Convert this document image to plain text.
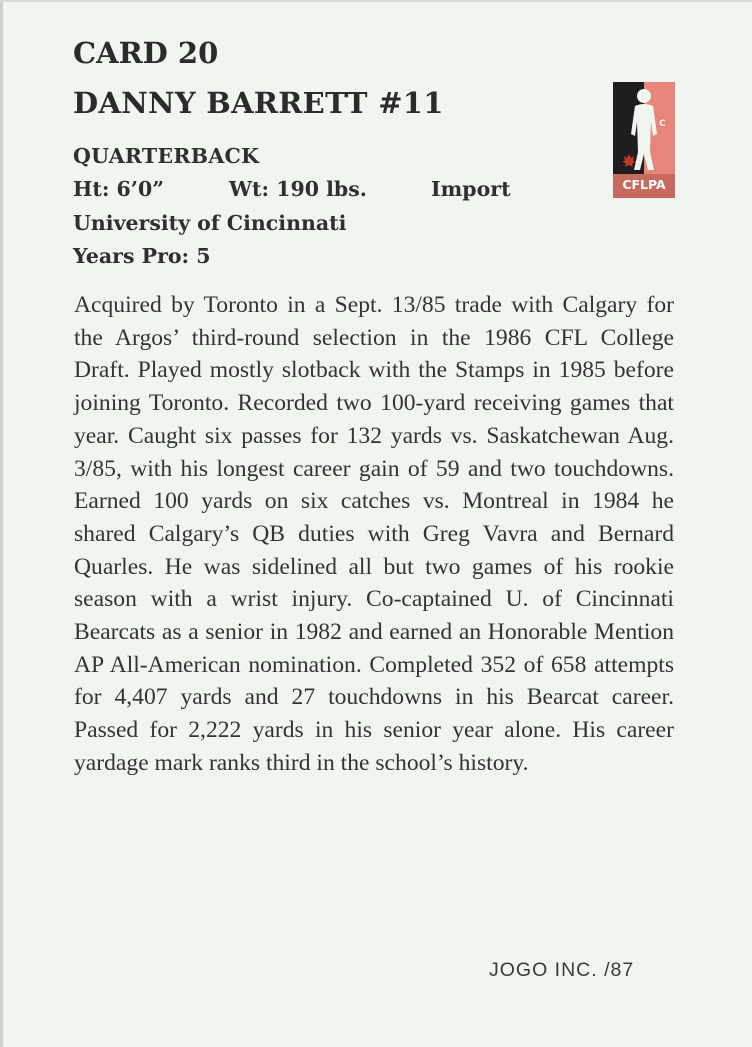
CARD 20
DANNY BARRETT #11
QUARTERBACK
Ht: 6’0”	Wt: 190 lbs.	Import
University of Cincinnati
Years Pro: 5
C
CFLPA

Acquired by Toronto in a Sept. 13/85 trade with Calgary for the Argos’ third-round selection in the 1986 CFL College Draft. Played mostly slotback with the Stamps in 1985 before joining Toronto. Recorded two 100-yard receiving games that year. Caught six passes for 132 yards vs. Saskatchewan Aug. 3/85, with his longest career gain of 59 and two touchdowns. Earned 100 yards on six catches vs. Montreal in 1984 he shared Calgary’s QB duties with Greg Vavra and Bernard Quarles. He was sidelined all but two games of his rookie season with a wrist injury. Co-captained U. of Cincinnati Bearcats as a senior in 1982 and earned an Honorable Mention AP All-American nomination. Completed 352 of 658 attempts for 4,407 yards and 27 touchdowns in his Bearcat career. Passed for 2,222 yards in his senior year alone. His career yardage mark ranks third in the school’s history.

JOGO INC. /87
